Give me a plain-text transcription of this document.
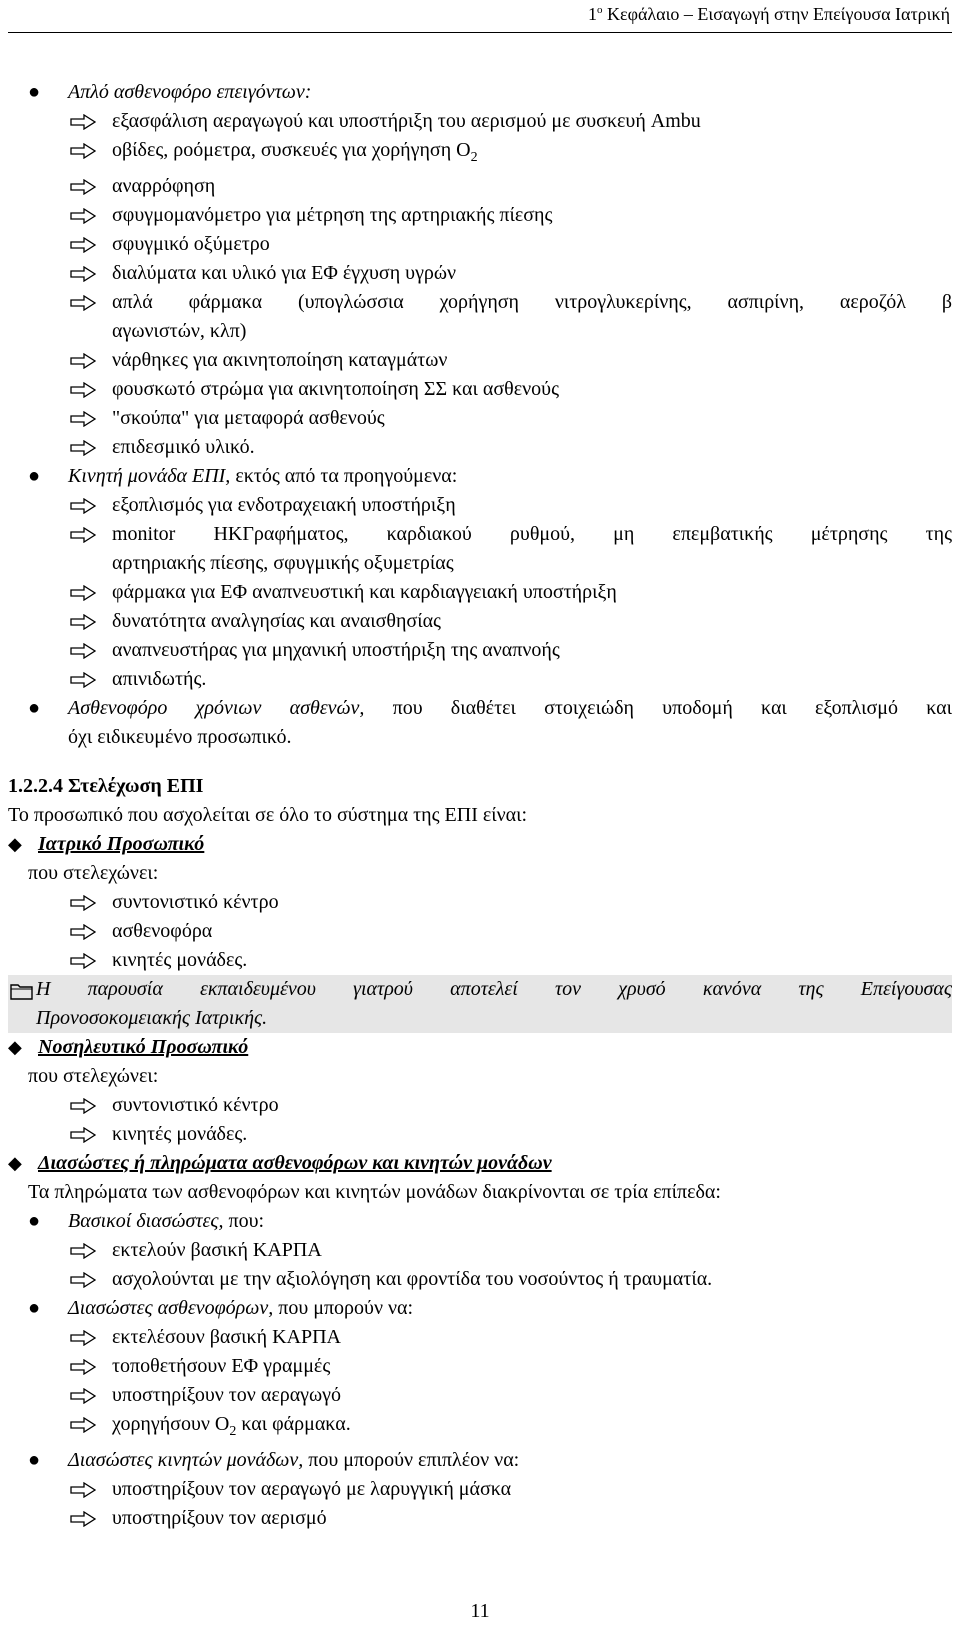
$1^o$ Κεφάλαιο – Εισαγωγή στην Επείγουσα Ιατρική
● Απλό ασθενοφόρο επειγόντων:
εξασφάλιση αεραγωγού και υποστήριξη του αερισμού με συσκευή Ambu
οβίδες, ροόμετρα, συσκευές για χορήγηση $O_2$
αναρρόφηση
σφυγμομανόμετρο για μέτρηση της αρτηριακής πίεσης
σφυγμικό οξύμετρο
διαλύματα και υλικό για ΕΦ έγχυση υγρών
απλά φάρμακα (υπογλώσσια χορήγηση νιτρογλυκερίνης, ασπιρίνη, αεροζόλ β
αγωνιστών, κλπ)
νάρθηκες για ακινητοποίηση καταγμάτων
φουσκωτό στρώμα για ακινητοποίηση ΣΣ και ασθενούς
"σκούπα" για μεταφορά ασθενούς
επιδεσμικό υλικό.
● Κινητή μονάδα ΕΠΙ, εκτός από τα προηγούμενα:
εξοπλισμός για ενδοτραχειακή υποστήριξη
monitor ΗΚΓραφήματος, καρδιακού ρυθμού, μη επεμβατικής μέτρησης της
αρτηριακής πίεσης, σφυγμικής οξυμετρίας
φάρμακα για ΕΦ αναπνευστική και καρδιαγγειακή υποστήριξη
δυνατότητα αναλγησίας και αναισθησίας
αναπνευστήρας για μηχανική υποστήριξη της αναπνοής
απινιδωτής.
● Ασθενοφόρο χρόνιων ασθενών, που διαθέτει στοιχειώδη υποδομή και εξοπλισμό και
όχι ειδικευμένο προσωπικό.
1.2.2.4 Στελέχωση ΕΠΙ
Το προσωπικό που ασχολείται σε όλο το σύστημα της ΕΠΙ είναι:
◆ Ιατρικό Προσωπικό
που στελεχώνει:
συντονιστικό κέντρο
ασθενοφόρα
κινητές μονάδες.
Η παρουσία εκπαιδευμένου γιατρού αποτελεί τον χρυσό κανόνα της Επείγουσας
Προνοσοκομειακής Ιατρικής.
◆ Νοσηλευτικό Προσωπικό
που στελεχώνει:
συντονιστικό κέντρο
κινητές μονάδες.
◆ Διασώστες ή πληρώματα ασθενοφόρων και κινητών μονάδων
Τα πληρώματα των ασθενοφόρων και κινητών μονάδων διακρίνονται σε τρία επίπεδα:
● Βασικοί διασώστες, που:
εκτελούν βασική ΚΑΡΠΑ
ασχολούνται με την αξιολόγηση και φροντίδα του νοσούντος ή τραυματία.
● Διασώστες ασθενοφόρων, που μπορούν να:
εκτελέσουν βασική ΚΑΡΠΑ
τοποθετήσουν ΕΦ γραμμές
υποστηρίξουν τον αεραγωγό
χορηγήσουν $O_2$ και φάρμακα.
● Διασώστες κινητών μονάδων, που μπορούν επιπλέον να:
υποστηρίξουν τον αεραγωγό με λαρυγγική μάσκα
υποστηρίξουν τον αερισμό
11
